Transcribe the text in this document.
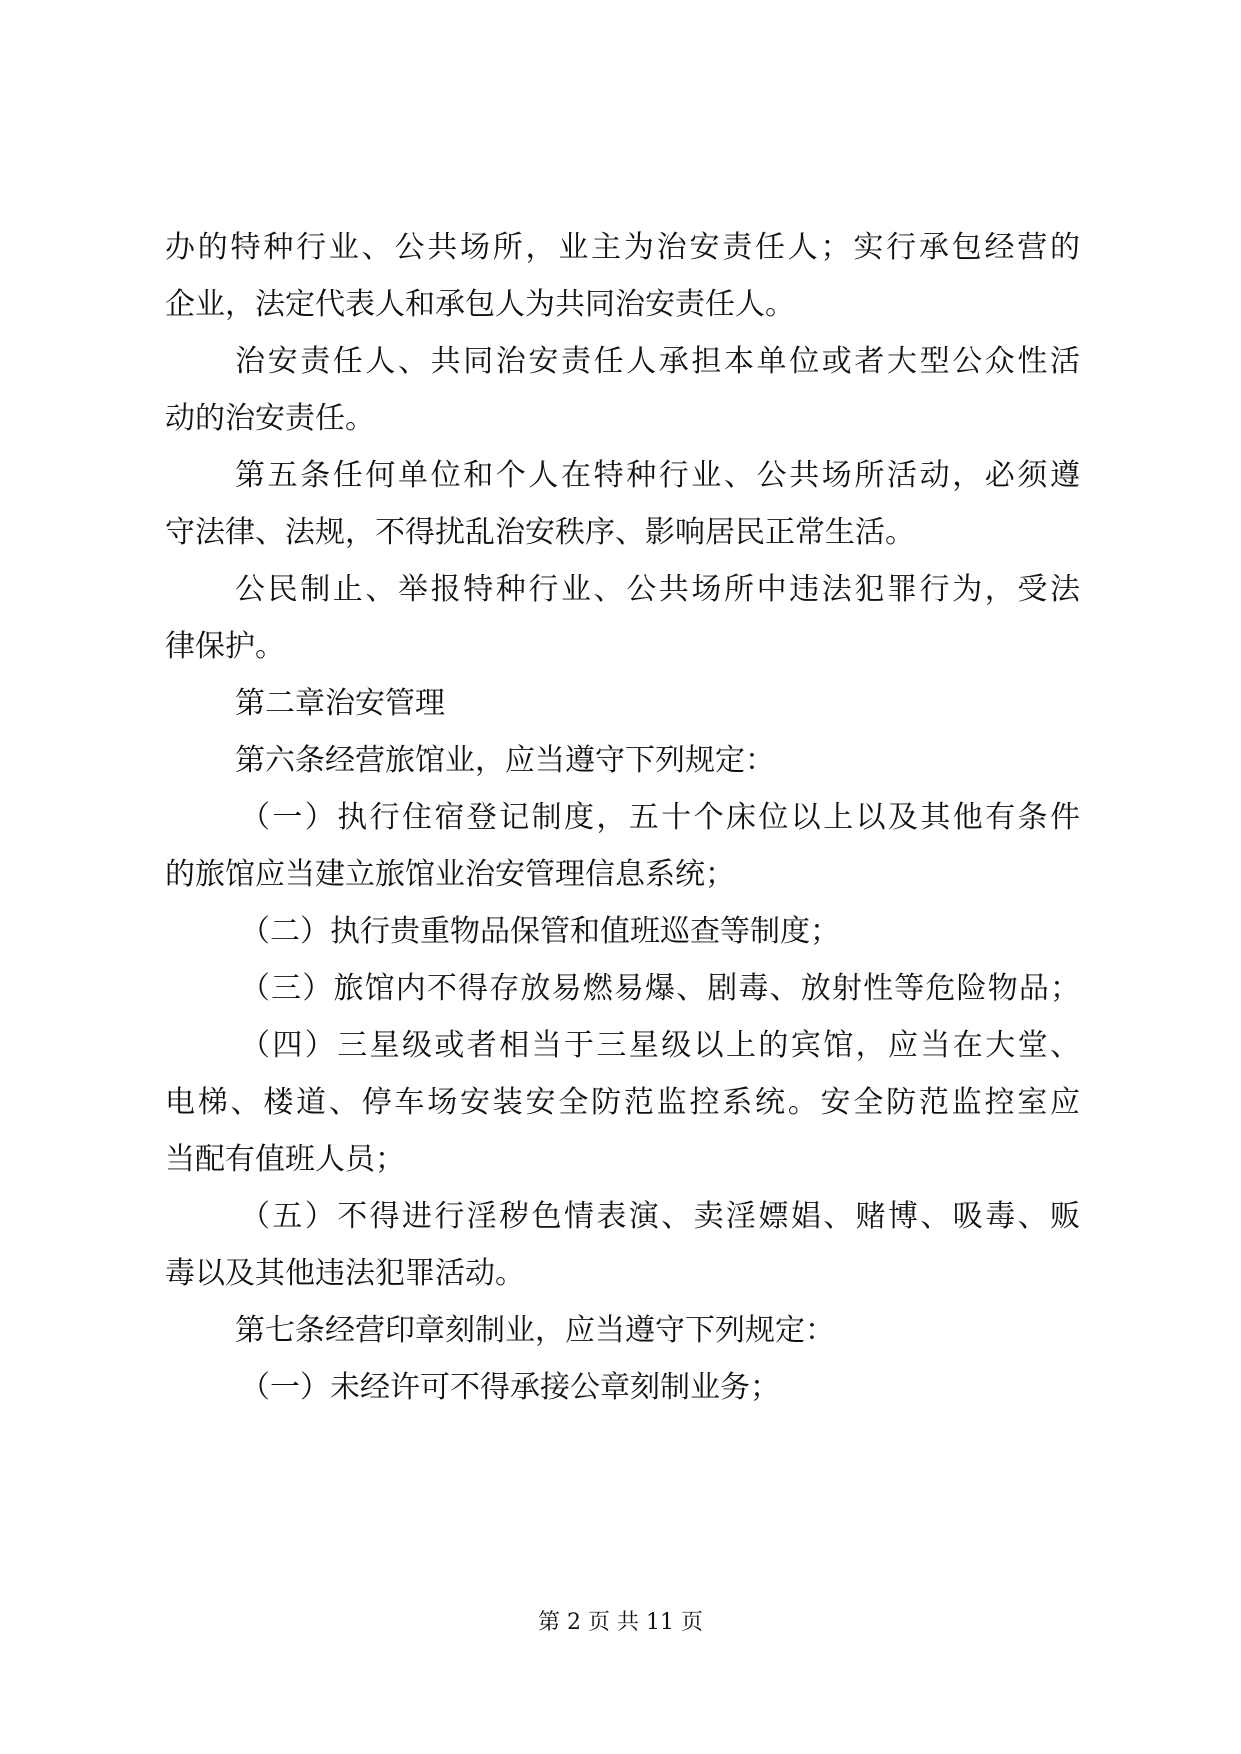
办的特种行业、公共场所，业主为治安责任人；实行承包经营的
企业，法定代表人和承包人为共同治安责任人。
治安责任人、共同治安责任人承担本单位或者大型公众性活
动的治安责任。
第五条任何单位和个人在特种行业、公共场所活动，必须遵
守法律、法规，不得扰乱治安秩序、影响居民正常生活。
公民制止、举报特种行业、公共场所中违法犯罪行为，受法
律保护。
第二章治安管理
第六条经营旅馆业，应当遵守下列规定：
（一）执行住宿登记制度，五十个床位以上以及其他有条件
的旅馆应当建立旅馆业治安管理信息系统；
（二）执行贵重物品保管和值班巡查等制度；
（三）旅馆内不得存放易燃易爆、剧毒、放射性等危险物品；
（四）三星级或者相当于三星级以上的宾馆，应当在大堂、
电梯、楼道、停车场安装安全防范监控系统。安全防范监控室应
当配有值班人员；
（五）不得进行淫秽色情表演、卖淫嫖娼、赌博、吸毒、贩
毒以及其他违法犯罪活动。
第七条经营印章刻制业，应当遵守下列规定：
（一）未经许可不得承接公章刻制业务；
第 2 页 共 11 页
